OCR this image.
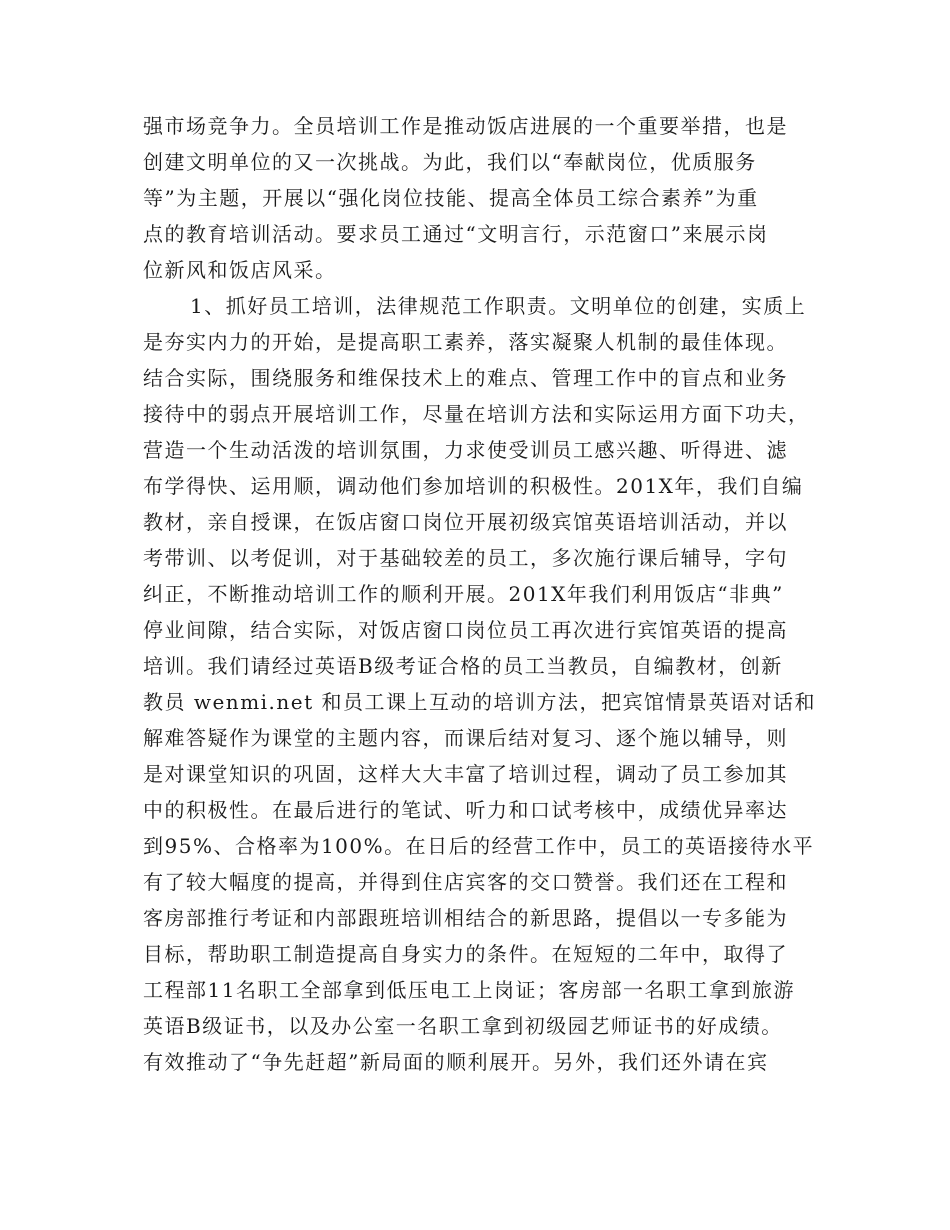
强市场竞争力。全员培训工作是推动饭店进展的一个重要举措，也是
创建文明单位的又一次挑战。为此，我们以“奉献岗位，优质服务
等”为主题，开展以“强化岗位技能、提高全体员工综合素养”为重
点的教育培训活动。要求员工通过“文明言行，示范窗口”来展示岗
位新风和饭店风采。
1、抓好员工培训，法律规范工作职责。文明单位的创建，实质上
是夯实内力的开始，是提高职工素养，落实凝聚人机制的最佳体现。
结合实际，围绕服务和维保技术上的难点、管理工作中的盲点和业务
接待中的弱点开展培训工作，尽量在培训方法和实际运用方面下功夫，
营造一个生动活泼的培训氛围，力求使受训员工感兴趣、听得进、滤
布学得快、运用顺，调动他们参加培训的积极性。201X年，我们自编
教材，亲自授课，在饭店窗口岗位开展初级宾馆英语培训活动，并以
考带训、以考促训，对于基础较差的员工，多次施行课后辅导，字句
纠正，不断推动培训工作的顺利开展。201X年我们利用饭店“非典”
停业间隙，结合实际，对饭店窗口岗位员工再次进行宾馆英语的提高
培训。我们请经过英语B级考证合格的员工当教员，自编教材，创新
教员 wenmi.net 和员工课上互动的培训方法，把宾馆情景英语对话和
解难答疑作为课堂的主题内容，而课后结对复习、逐个施以辅导，则
是对课堂知识的巩固，这样大大丰富了培训过程，调动了员工参加其
中的积极性。在最后进行的笔试、听力和口试考核中，成绩优异率达
到95%、合格率为100%。在日后的经营工作中，员工的英语接待水平
有了较大幅度的提高，并得到住店宾客的交口赞誉。我们还在工程和
客房部推行考证和内部跟班培训相结合的新思路，提倡以一专多能为
目标，帮助职工制造提高自身实力的条件。在短短的二年中，取得了
工程部11名职工全部拿到低压电工上岗证；客房部一名职工拿到旅游
英语B级证书，以及办公室一名职工拿到初级园艺师证书的好成绩。
有效推动了“争先赶超”新局面的顺利展开。另外，我们还外请在宾
